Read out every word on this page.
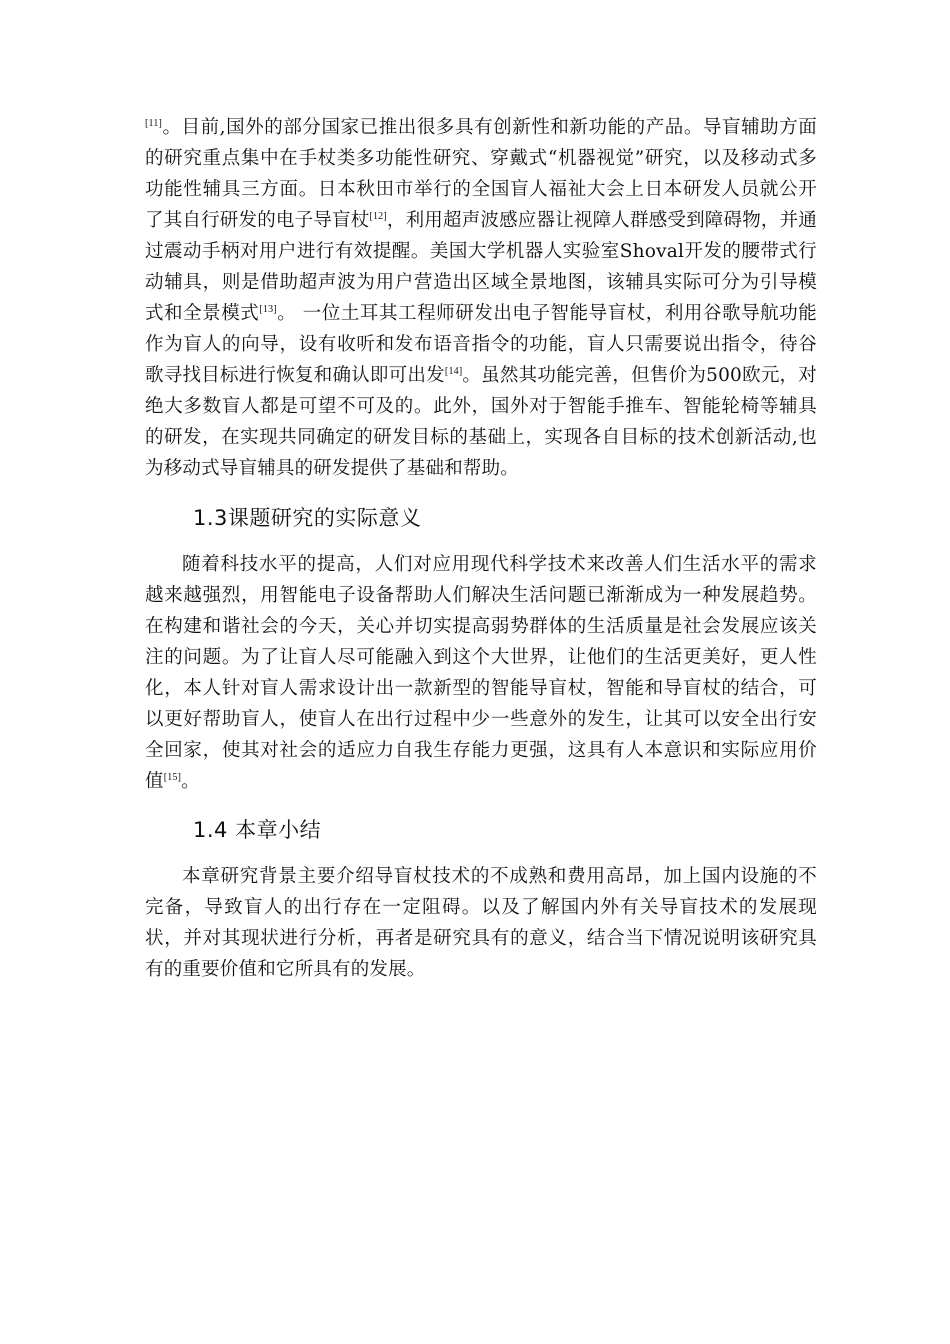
[11]。目前,国外的部分国家已推出很多具有创新性和新功能的产品。导盲辅助方面的研究重点集中在手杖类多功能性研究、穿戴式“机器视觉”研究，以及移动式多功能性辅具三方面。日本秋田市举行的全国盲人福祉大会上日本研发人员就公开了其自行研发的电子导盲杖[12]，利用超声波感应器让视障人群感受到障碍物，并通过震动手柄对用户进行有效提醒。美国大学机器人实验室Shoval开发的腰带式行动辅具，则是借助超声波为用户营造出区域全景地图，该辅具实际可分为引导模式和全景模式[13]。 一位土耳其工程师研发出电子智能导盲杖，利用谷歌导航功能作为盲人的向导，设有收听和发布语音指令的功能，盲人只需要说出指令，待谷歌寻找目标进行恢复和确认即可出发[14]。虽然其功能完善，但售价为500欧元，对绝大多数盲人都是可望不可及的。此外，国外对于智能手推车、智能轮椅等辅具的研发，在实现共同确定的研发目标的基础上，实现各自目标的技术创新活动,也为移动式导盲辅具的研发提供了基础和帮助。

1.3课题研究的实际意义

随着科技水平的提高，人们对应用现代科学技术来改善人们生活水平的需求越来越强烈，用智能电子设备帮助人们解决生活问题已渐渐成为一种发展趋势。在构建和谐社会的今天，关心并切实提高弱势群体的生活质量是社会发展应该关注的问题。为了让盲人尽可能融入到这个大世界，让他们的生活更美好，更人性化，本人针对盲人需求设计出一款新型的智能导盲杖，智能和导盲杖的结合，可以更好帮助盲人，使盲人在出行过程中少一些意外的发生，让其可以安全出行安全回家，使其对社会的适应力自我生存能力更强，这具有人本意识和实际应用价值[15]。

1.4 本章小结

本章研究背景主要介绍导盲杖技术的不成熟和费用高昂，加上国内设施的不完备，导致盲人的出行存在一定阻碍。以及了解国内外有关导盲技术的发展现状，并对其现状进行分析，再者是研究具有的意义，结合当下情况说明该研究具有的重要价值和它所具有的发展。
